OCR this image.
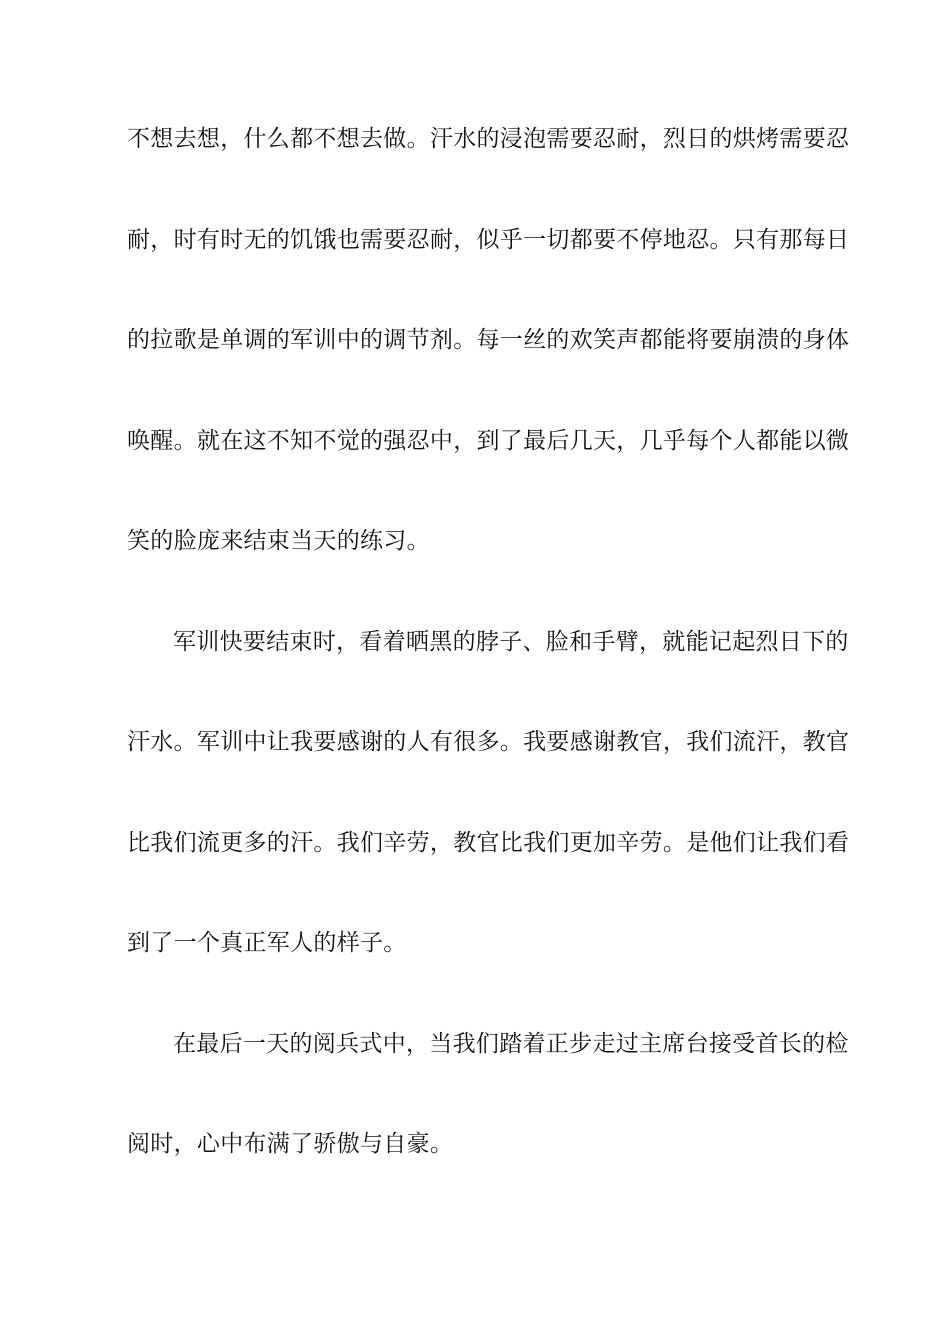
不想去想，什么都不想去做。汗水的浸泡需要忍耐，烈日的烘烤需要忍
耐，时有时无的饥饿也需要忍耐，似乎一切都要不停地忍。只有那每日
的拉歌是单调的军训中的调节剂。每一丝的欢笑声都能将要崩溃的身体
唤醒。就在这不知不觉的强忍中，到了最后几天，几乎每个人都能以微
笑的脸庞来结束当天的练习。
军训快要结束时，看着晒黑的脖子、脸和手臂，就能记起烈日下的
汗水。军训中让我要感谢的人有很多。我要感谢教官，我们流汗，教官
比我们流更多的汗。我们辛劳，教官比我们更加辛劳。是他们让我们看
到了一个真正军人的样子。
在最后一天的阅兵式中，当我们踏着正步走过主席台接受首长的检
阅时，心中布满了骄傲与自豪。
